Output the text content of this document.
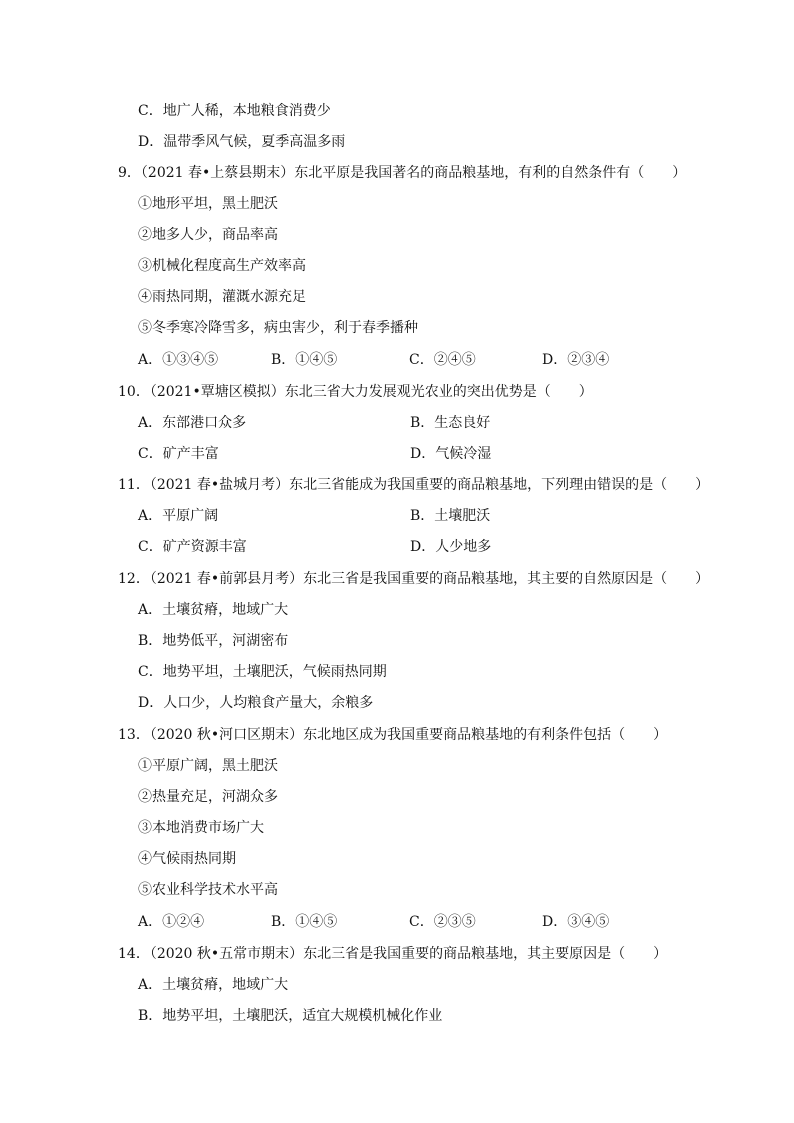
C．地广人稀，本地粮食消费少
D．温带季风气候，夏季高温多雨
9．（2021 春•上蔡县期末）东北平原是我国著名的商品粮基地，有利的自然条件有（　　）
①地形平坦，黑土肥沃
②地多人少，商品率高
③机械化程度高生产效率高
④雨热同期，灌溉水源充足
⑤冬季寒冷降雪多，病虫害少，利于春季播种
A．①③④⑤	B．①④⑤	C．②④⑤	D．②③④
10．（2021•覃塘区模拟）东北三省大力发展观光农业的突出优势是（　　）
A．东部港口众多	B．生态良好
C．矿产丰富	D．气候冷湿
11．（2021 春•盐城月考）东北三省能成为我国重要的商品粮基地，下列理由错误的是（　　）
A．平原广阔	B．土壤肥沃
C．矿产资源丰富	D．人少地多
12．（2021 春•前郭县月考）东北三省是我国重要的商品粮基地，其主要的自然原因是（　　）
A．土壤贫瘠，地域广大
B．地势低平，河湖密布
C．地势平坦，土壤肥沃，气候雨热同期
D．人口少，人均粮食产量大，余粮多
13．（2020 秋•河口区期末）东北地区成为我国重要商品粮基地的有利条件包括（　　）
①平原广阔，黑土肥沃
②热量充足，河湖众多
③本地消费市场广大
④气候雨热同期
⑤农业科学技术水平高
A．①②④	B．①④⑤	C．②③⑤	D．③④⑤
14．（2020 秋•五常市期末）东北三省是我国重要的商品粮基地，其主要原因是（　　）
A．土壤贫瘠，地域广大
B．地势平坦，土壤肥沃，适宜大规模机械化作业
